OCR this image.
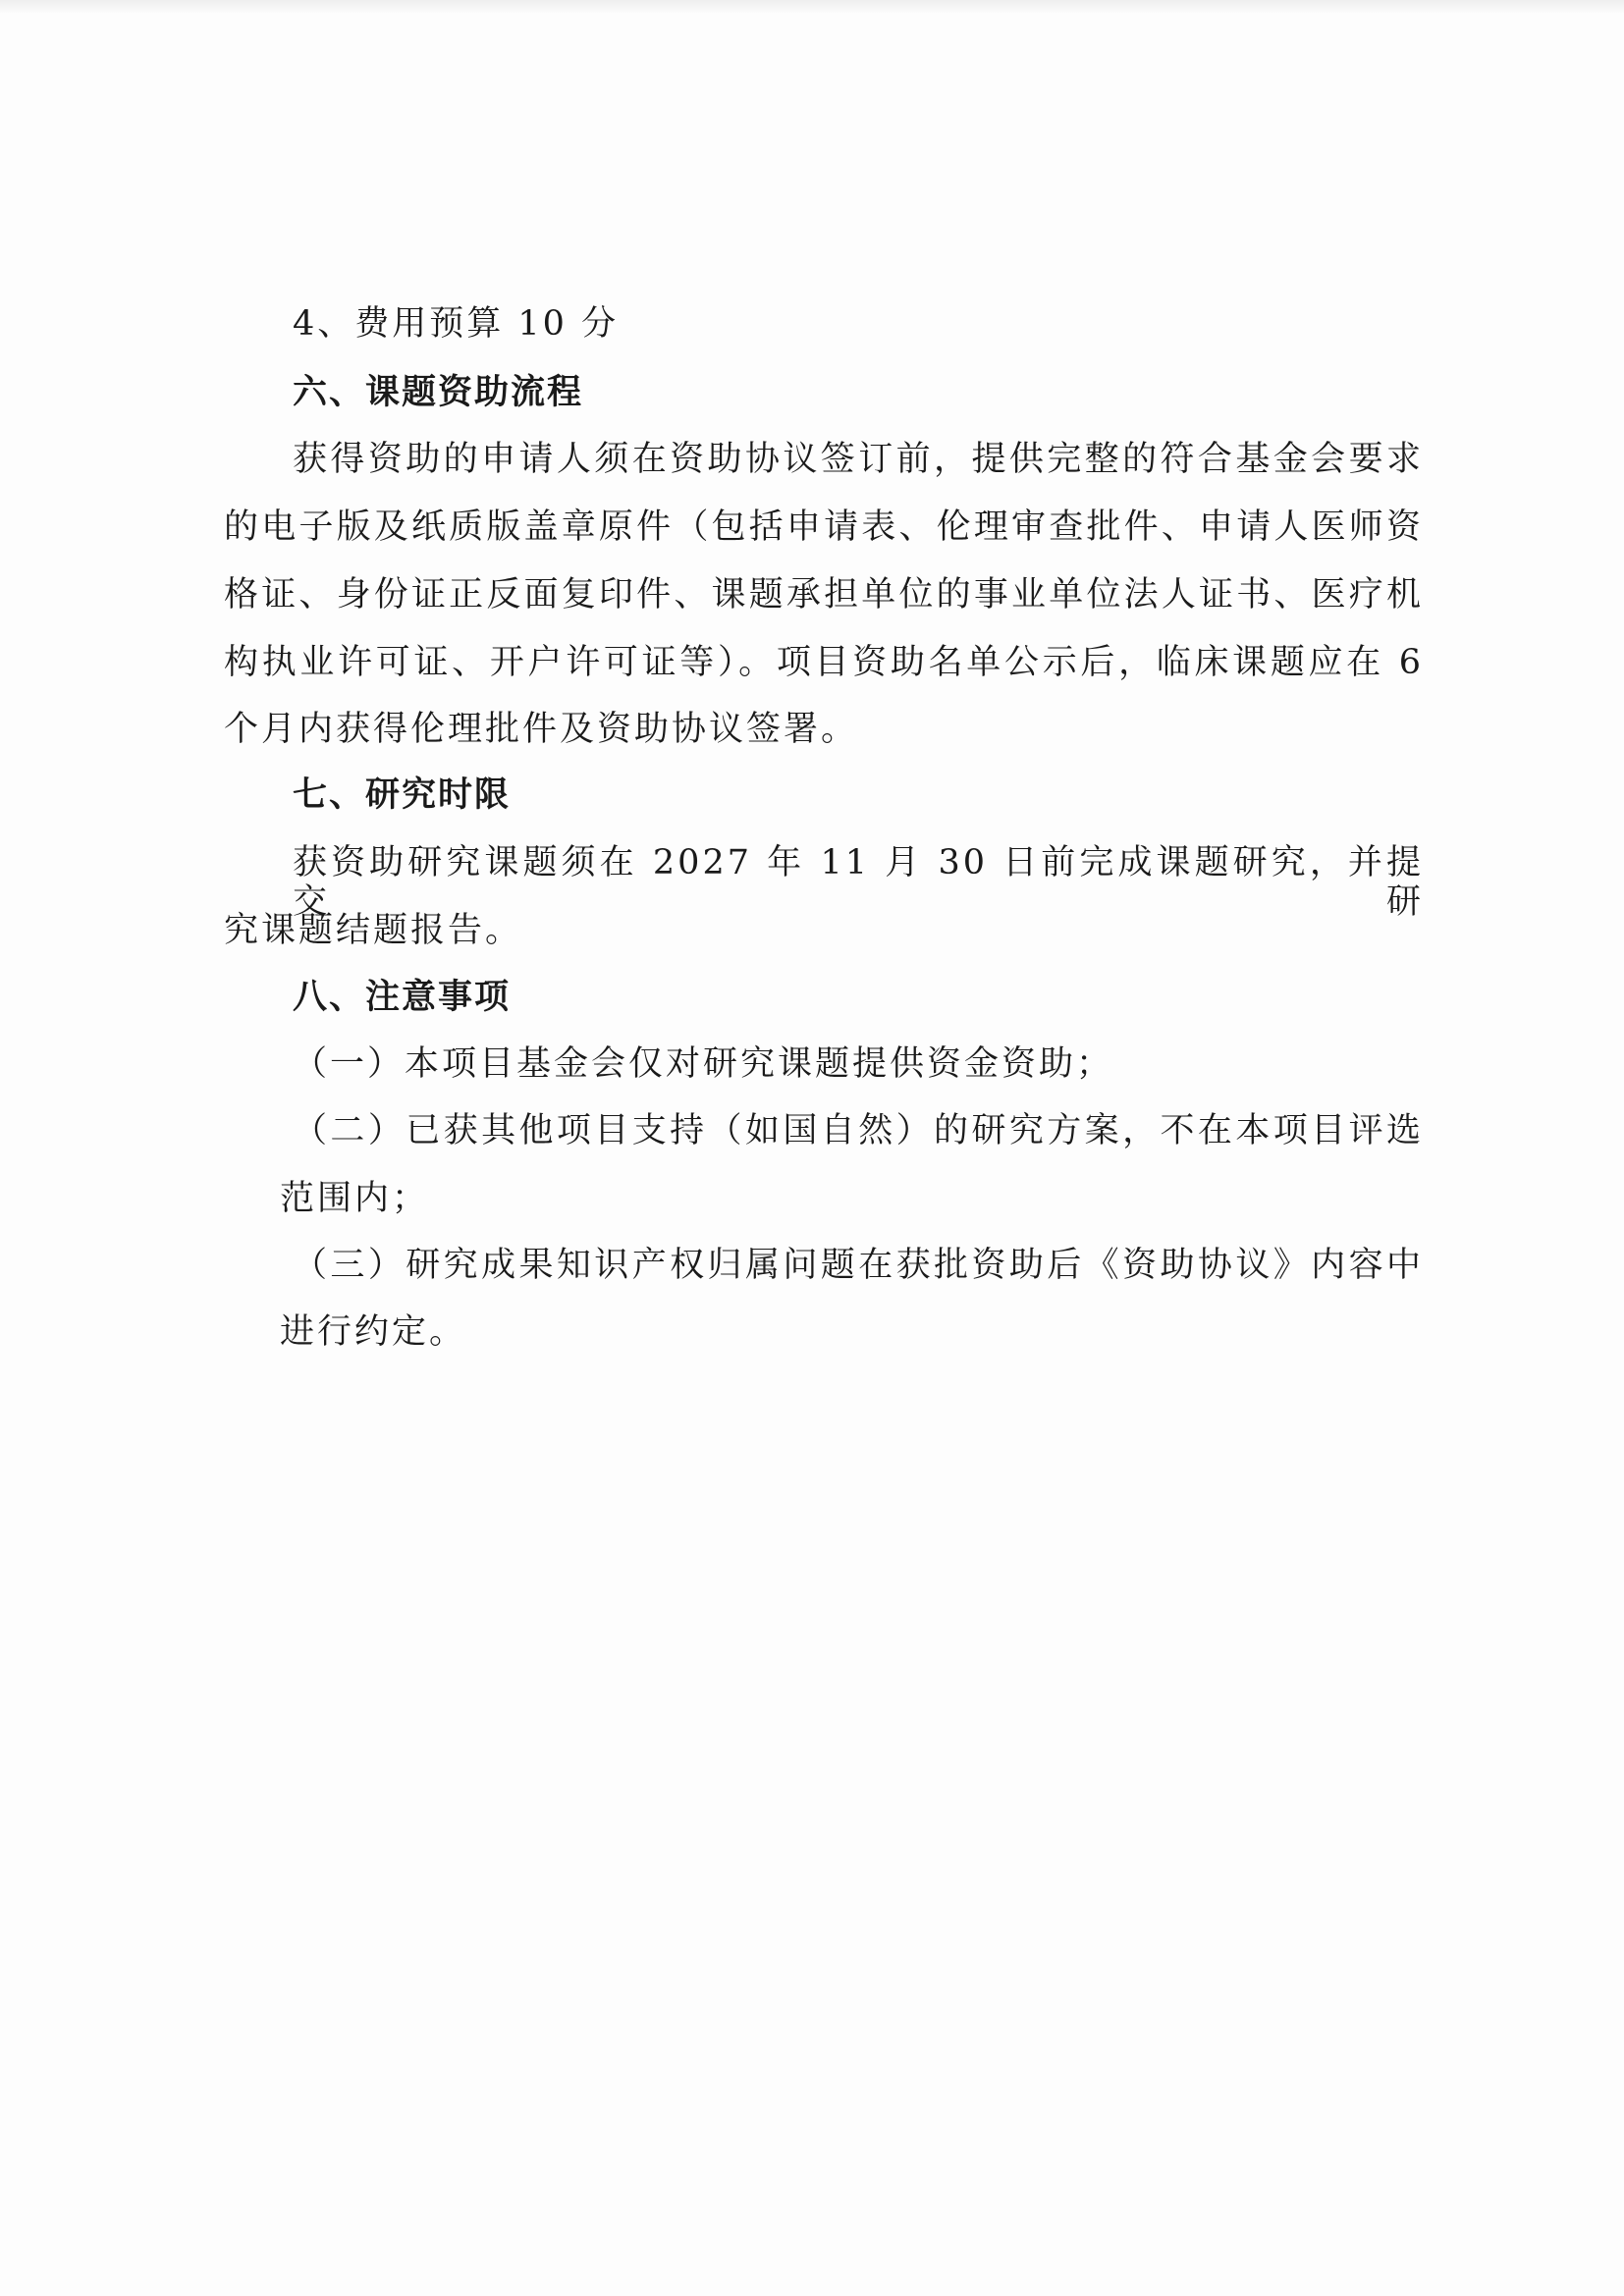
4、费用预算 10 分
六、课题资助流程
获得资助的申请人须在资助协议签订前，提供完整的符合基金会要求
的电子版及纸质版盖章原件（包括申请表、伦理审查批件、申请人医师资
格证、身份证正反面复印件、课题承担单位的事业单位法人证书、医疗机
构执业许可证、开户许可证等）。项目资助名单公示后，临床课题应在 6
个月内获得伦理批件及资助协议签署。
七、研究时限
获资助研究课题须在 2027 年 11 月 30 日前完成课题研究，并提交研
究课题结题报告。
八、注意事项
（一）本项目基金会仅对研究课题提供资金资助；
（二）已获其他项目支持（如国自然）的研究方案，不在本项目评选
范围内；
（三）研究成果知识产权归属问题在获批资助后《资助协议》内容中
进行约定。
